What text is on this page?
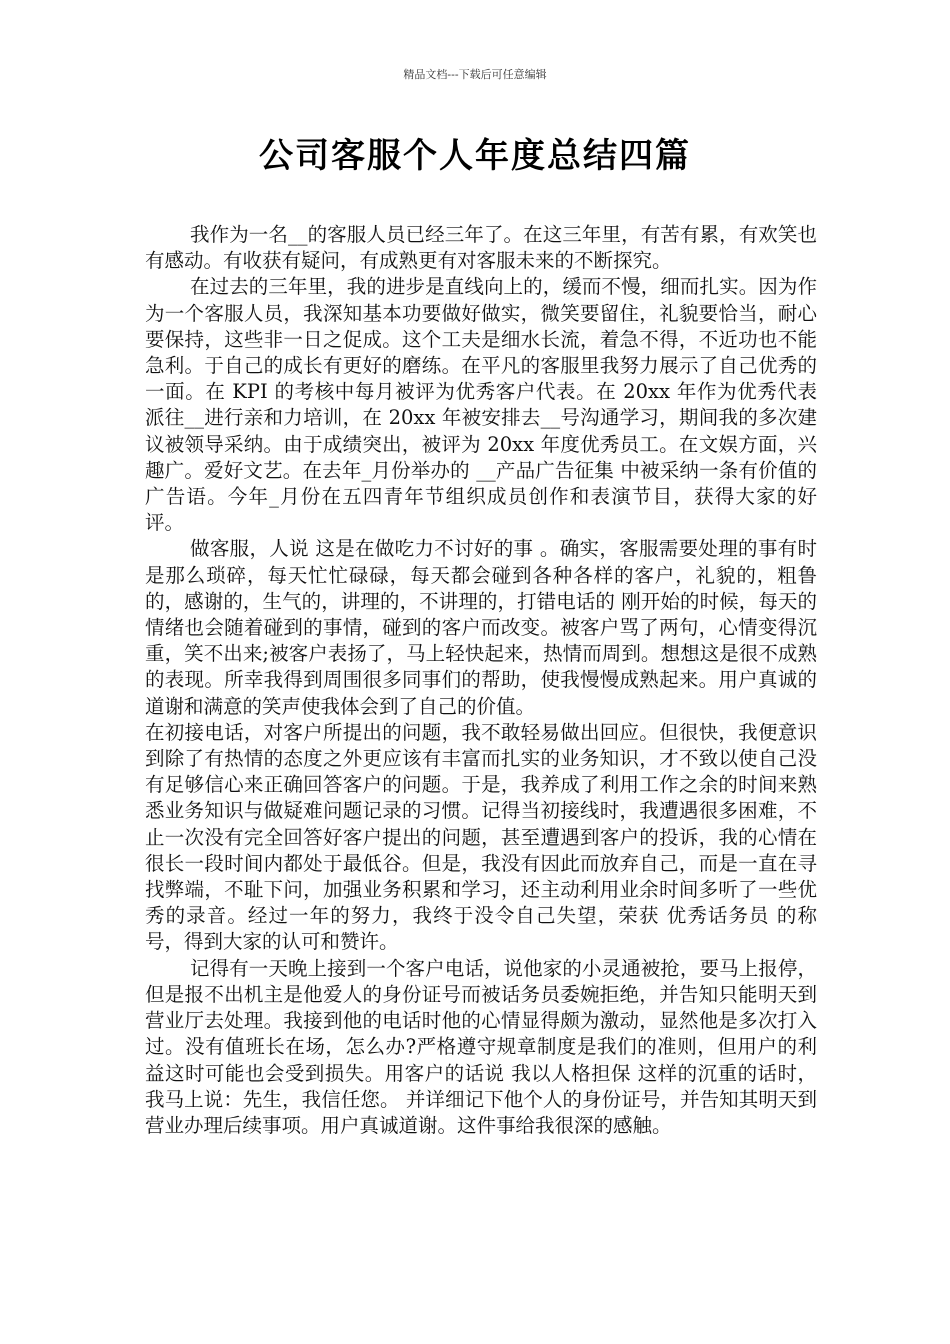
精品文档---下载后可任意编辑
公司客服个人年度总结四篇

我作为一名__的客服人员已经三年了。在这三年里，有苦有累，有欢笑也有感动。有收获有疑问，有成熟更有对客服未来的不断探究。

在过去的三年里，我的进步是直线向上的，缓而不慢，细而扎实。因为作为一个客服人员，我深知基本功要做好做实，微笑要留住，礼貌要恰当，耐心要保持，这些非一日之促成。这个工夫是细水长流，着急不得，不近功也不能急利。于自己的成长有更好的磨练。在平凡的客服里我努力展示了自己优秀的一面。在 KPI 的考核中每月被评为优秀客户代表。在 20xx 年作为优秀代表派往__进行亲和力培训，在 20xx 年被安排去__号沟通学习，期间我的多次建议被领导采纳。由于成绩突出，被评为 20xx 年度优秀员工。在文娱方面，兴趣广。爱好文艺。在去年_月份举办的 __产品广告征集 中被采纳一条有价值的广告语。今年_月份在五四青年节组织成员创作和表演节目，获得大家的好评。

做客服，人说 这是在做吃力不讨好的事 。确实，客服需要处理的事有时是那么琐碎，每天忙忙碌碌，每天都会碰到各种各样的客户，礼貌的，粗鲁的，感谢的，生气的，讲理的，不讲理的，打错电话的 刚开始的时候，每天的情绪也会随着碰到的事情，碰到的客户而改变。被客户骂了两句，心情变得沉重，笑不出来;被客户表扬了，马上轻快起来，热情而周到。想想这是很不成熟的表现。所幸我得到周围很多同事们的帮助，使我慢慢成熟起来。用户真诚的道谢和满意的笑声使我体会到了自己的价值。

在初接电话，对客户所提出的问题，我不敢轻易做出回应。但很快，我便意识到除了有热情的态度之外更应该有丰富而扎实的业务知识，才不致以使自己没有足够信心来正确回答客户的问题。于是，我养成了利用工作之余的时间来熟悉业务知识与做疑难问题记录的习惯。记得当初接线时，我遭遇很多困难，不止一次没有完全回答好客户提出的问题，甚至遭遇到客户的投诉，我的心情在很长一段时间内都处于最低谷。但是，我没有因此而放弃自己，而是一直在寻找弊端，不耻下问，加强业务积累和学习，还主动利用业余时间多听了一些优秀的录音。经过一年的努力，我终于没令自己失望，荣获 优秀话务员 的称号，得到大家的认可和赞许。

记得有一天晚上接到一个客户电话，说他家的小灵通被抢，要马上报停，但是报不出机主是他爱人的身份证号而被话务员委婉拒绝，并告知只能明天到营业厅去处理。我接到他的电话时他的心情显得颇为激动，显然他是多次打入过。没有值班长在场，怎么办?严格遵守规章制度是我们的准则，但用户的利益这时可能也会受到损失。用客户的话说 我以人格担保 这样的沉重的话时，我马上说：先生，我信任您。 并详细记下他个人的身份证号，并告知其明天到营业办理后续事项。用户真诚道谢。这件事给我很深的感触。
